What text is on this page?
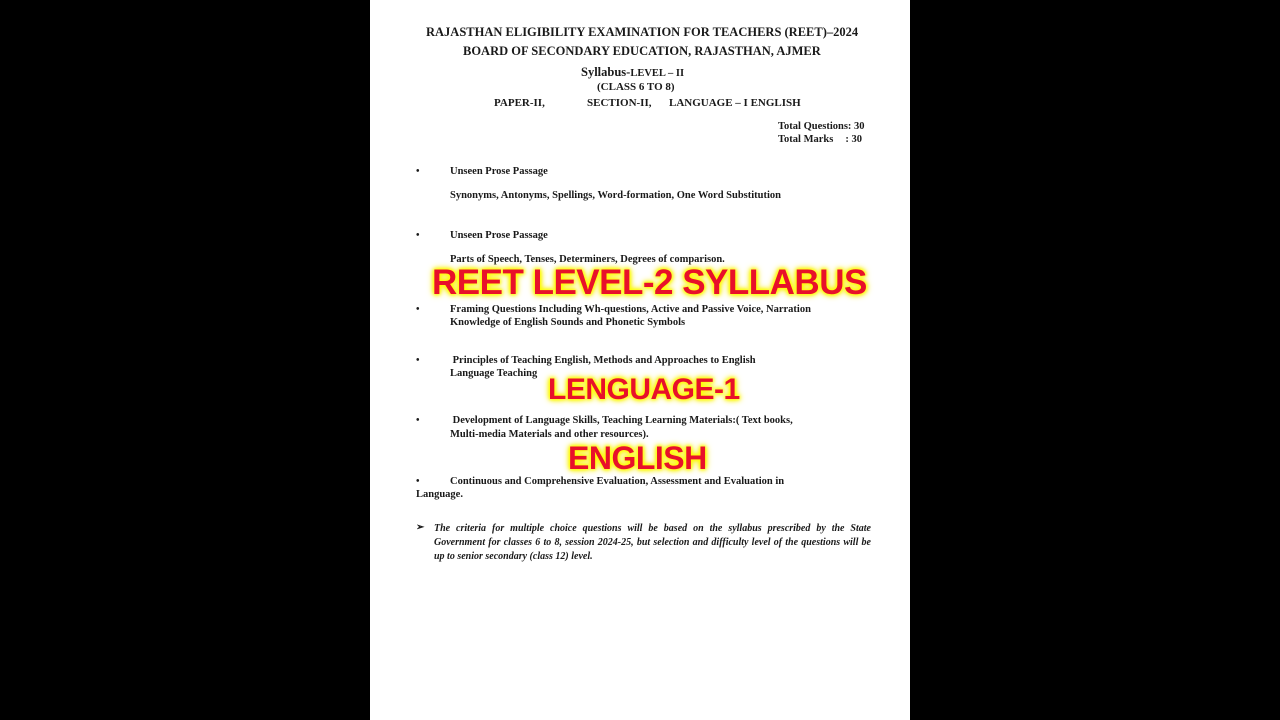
RAJASTHAN ELIGIBILITY EXAMINATION FOR TEACHERS (REET)–2024
BOARD OF SECONDARY EDUCATION, RAJASTHAN, AJMER
Syllabus-LEVEL – II
(CLASS 6 TO 8)
PAPER-II,	SECTION-II, LANGUAGE – I ENGLISH
Total Questions: 30
Total Marks : 30
•	Unseen Prose Passage
Synonyms, Antonyms, Spellings, Word-formation, One Word Substitution
•	Unseen Prose Passage
Parts of Speech, Tenses, Determiners, Degrees of comparison.
•	Framing Questions Including Wh-questions, Active and Passive Voice, Narration
Knowledge of English Sounds and Phonetic Symbols
•	Principles of Teaching English, Methods and Approaches to English
Language Teaching
•	Development of Language Skills, Teaching Learning Materials:( Text books,
Multi-media Materials and other resources).
•	Continuous and Comprehensive Evaluation, Assessment and Evaluation in
Language.
➢ The criteria for multiple choice questions will be based on the syllabus prescribed by the State Government for classes 6 to 8, session 2024-25, but selection and difficulty level of the questions will be up to senior secondary (class 12) level.
REET LEVEL-2 SYLLABUS
LENGUAGE-1
ENGLISH
